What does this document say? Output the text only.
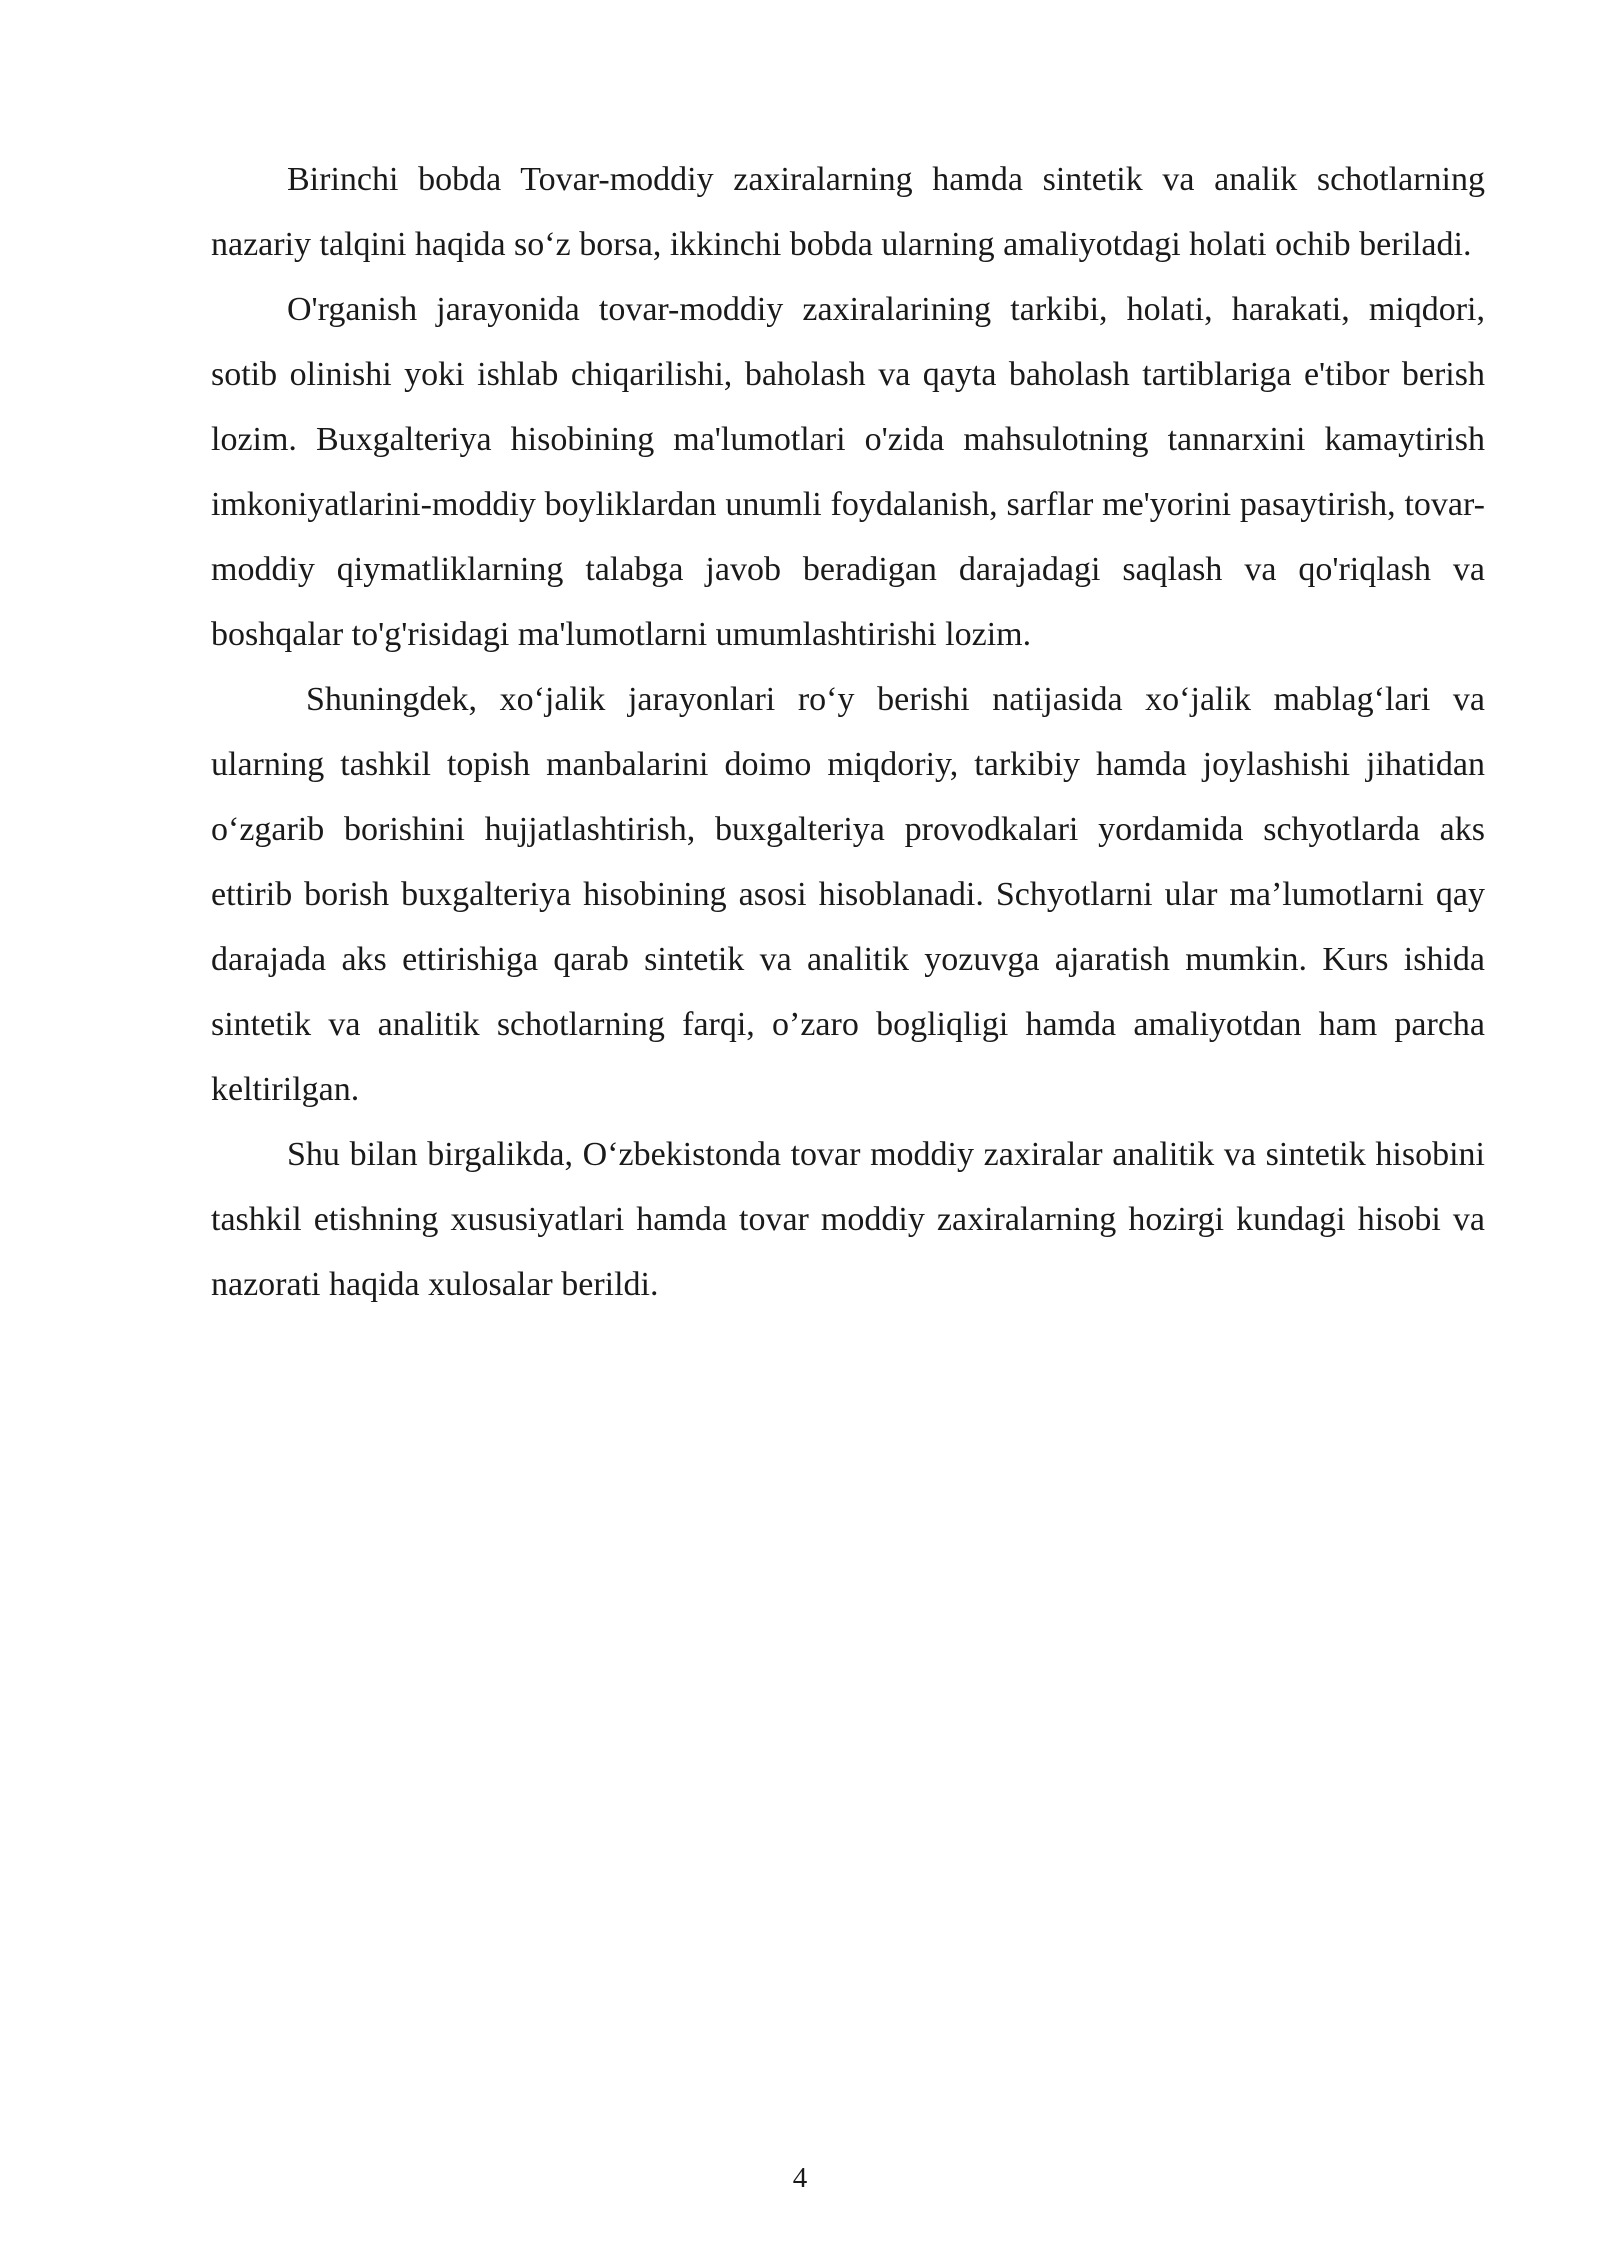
Birinchi bobda Tovar-moddiy zaxiralarning hamda sintetik va analik schotlarning nazariy talqini haqida so‘z borsa, ikkinchi bobda ularning amaliyotdagi holati ochib beriladi.

O'rganish jarayonida tovar-moddiy zaxiralarining tarkibi, holati, harakati, miqdori, sotib olinishi yoki ishlab chiqarilishi, baholash va qayta baholash tartiblariga e'tibor berish lozim. Buxgalteriya hisobining ma'lumotlari o'zida mahsulotning tannarxini kamaytirish imkoniyatlarini-moddiy boyliklardan unumli foydalanish, sarflar me'yorini pasaytirish, tovar-moddiy qiymatliklarning talabga javob beradigan darajadagi saqlash va qo'riqlash va boshqalar to'g'risidagi ma'lumotlarni umumlashtirishi lozim.

Shuningdek, xo‘jalik jarayonlari ro‘y berishi natijasida xo‘jalik mablag‘lari va ularning tashkil topish manbalarini doimo miqdoriy, tarkibiy hamda joylashishi jihatidan o‘zgarib borishini hujjatlashtirish, buxgalteriya provodkalari yordamida schyotlarda aks ettirib borish buxgalteriya hisobining asosi hisoblanadi. Schyotlarni ular ma’lumotlarni qay darajada aks ettirishiga qarab sintetik va analitik yozuvga ajaratish mumkin. Kurs ishida sintetik va analitik schotlarning farqi, o’zaro bogliqligi hamda amaliyotdan ham parcha keltirilgan.

Shu bilan birgalikda, O‘zbekistonda tovar moddiy zaxiralar analitik va sintetik hisobini tashkil etishning xususiyatlari hamda tovar moddiy zaxiralarning hozirgi kundagi hisobi va nazorati haqida xulosalar berildi.

4
